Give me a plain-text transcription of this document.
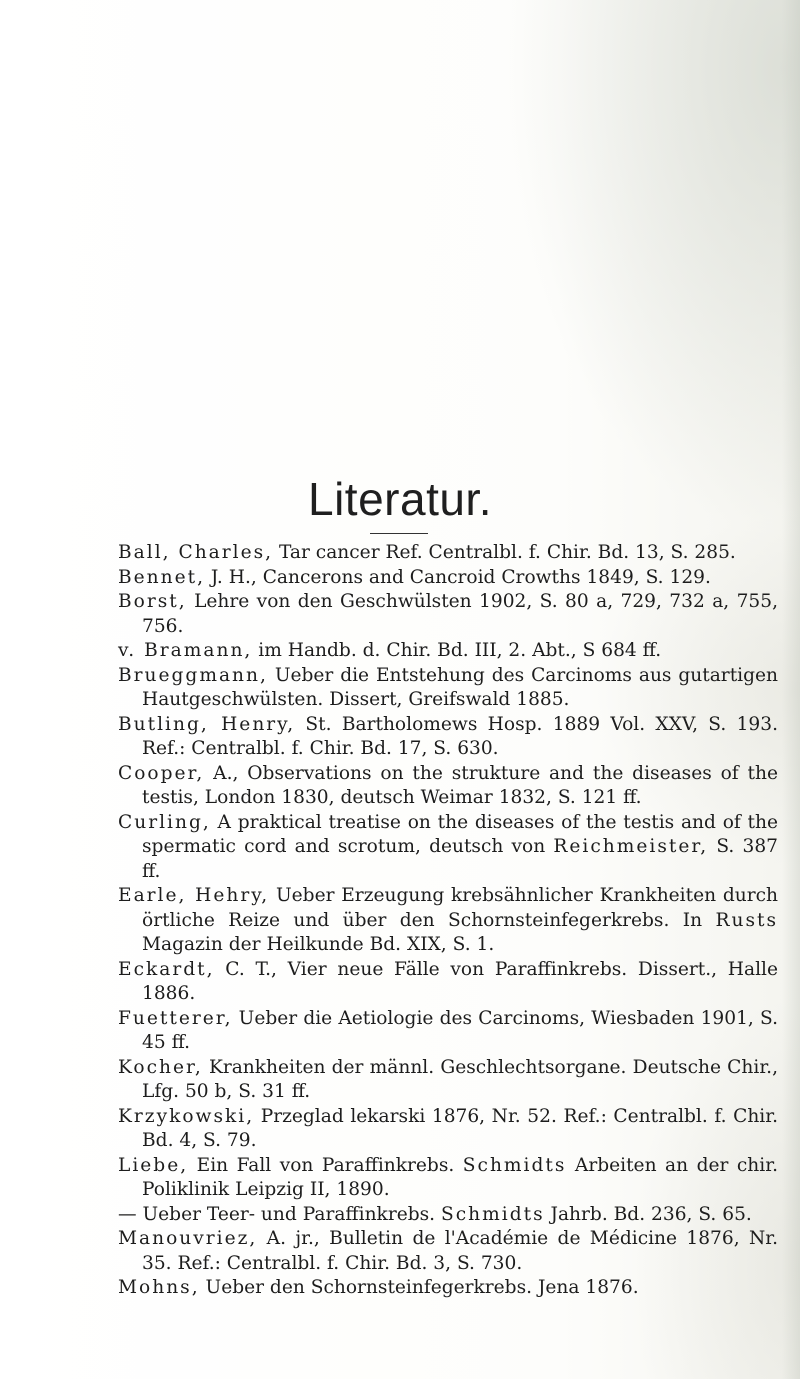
Literatur.
Ball, Charles, Tar cancer Ref. Centralbl. f. Chir. Bd. 13, S. 285.
Bennet, J. H., Cancerons and Cancroid Crowths 1849, S. 129.
Borst, Lehre von den Geschwülsten 1902, S. 80 a, 729, 732 a, 755, 756.
v. Bramann, im Handb. d. Chir. Bd. III, 2. Abt., S 684 ff.
Brueggmann, Ueber die Entstehung des Carcinoms aus gutartigen Hautgeschwülsten. Dissert, Greifswald 1885.
Butling, Henry, St. Bartholomews Hosp. 1889 Vol. XXV, S. 193. Ref.: Centralbl. f. Chir. Bd. 17, S. 630.
Cooper, A., Observations on the strukture and the diseases of the testis, London 1830, deutsch Weimar 1832, S. 121 ff.
Curling, A praktical treatise on the diseases of the testis and of the spermatic cord and scrotum, deutsch von Reichmeister, S. 387 ff.
Earle, Hehry, Ueber Erzeugung krebsähnlicher Krankheiten durch örtliche Reize und über den Schornsteinfegerkrebs. In Rusts Magazin der Heilkunde Bd. XIX, S. 1.
Eckardt, C. T., Vier neue Fälle von Paraffinkrebs. Dissert., Halle 1886.
Fuetterer, Ueber die Aetiologie des Carcinoms, Wiesbaden 1901, S. 45 ff.
Kocher, Krankheiten der männl. Geschlechtsorgane. Deutsche Chir., Lfg. 50 b, S. 31 ff.
Krzykowski, Przeglad lekarski 1876, Nr. 52. Ref.: Centralbl. f. Chir. Bd. 4, S. 79.
Liebe, Ein Fall von Paraffinkrebs. Schmidts Arbeiten an der chir. Poliklinik Leipzig II, 1890.
— Ueber Teer- und Paraffinkrebs. Schmidts Jahrb. Bd. 236, S. 65.
Manouvriez, A. jr., Bulletin de l'Académie de Médicine 1876, Nr. 35. Ref.: Centralbl. f. Chir. Bd. 3, S. 730.
Mohns, Ueber den Schornsteinfegerkrebs. Jena 1876.
